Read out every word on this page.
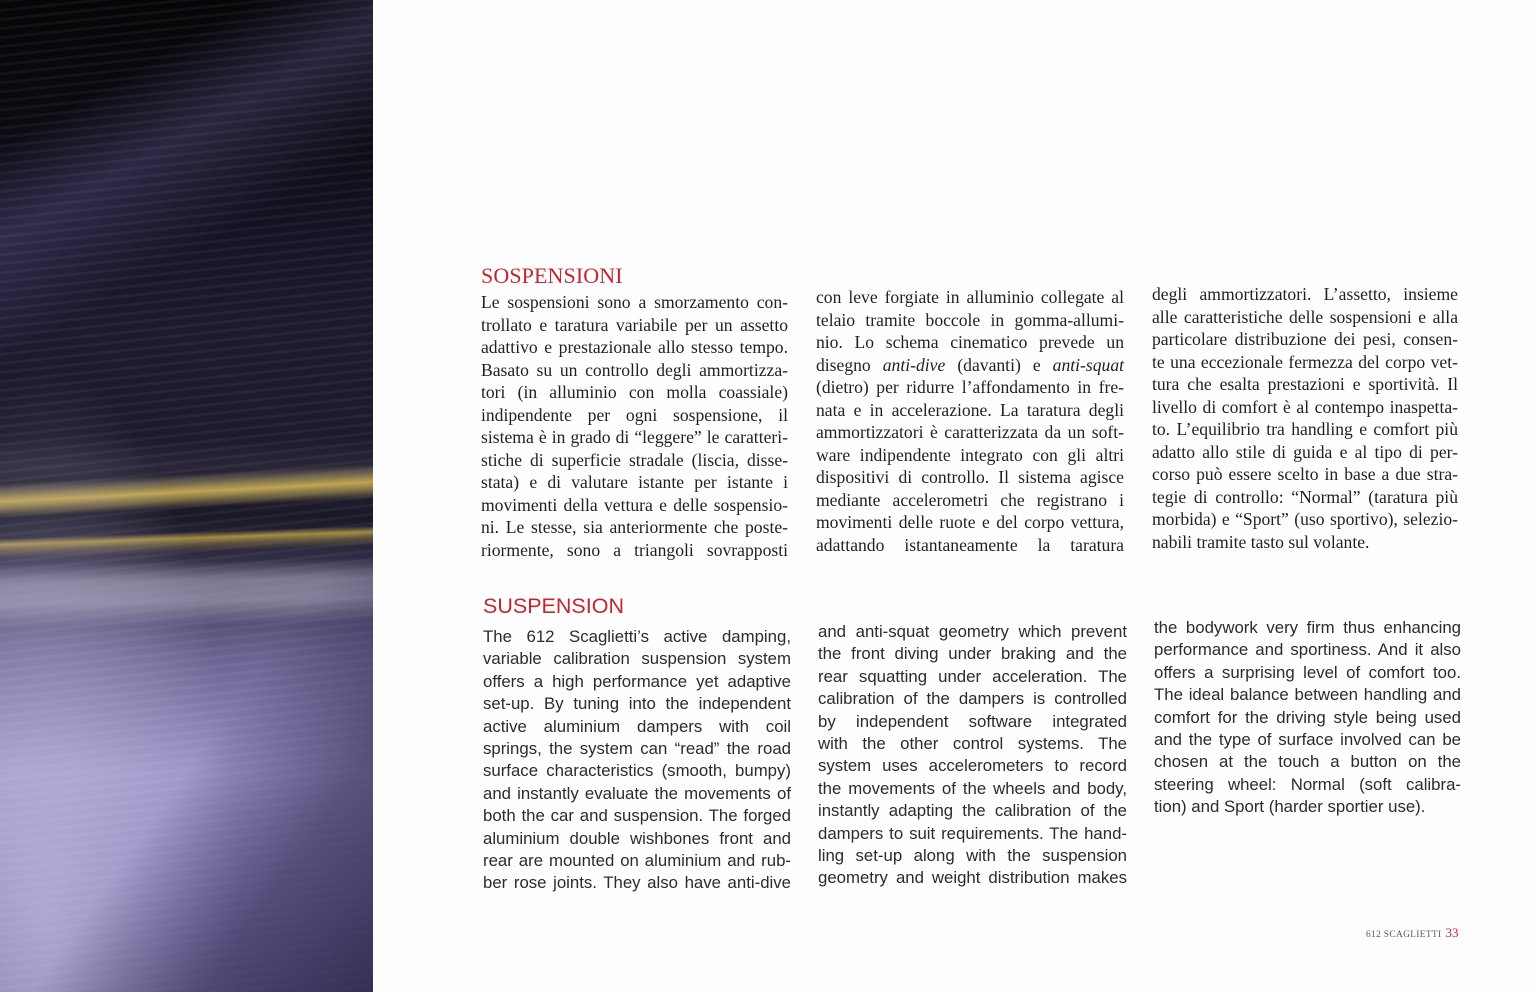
SOSPENSIONI
Le sospensioni sono a smorzamento con-
trollato e taratura variabile per un assetto
adattivo e prestazionale allo stesso tempo.
Basato su un controllo degli ammortizza-
tori (in alluminio con molla coassiale)
indipendente per ogni sospensione, il
sistema è in grado di “leggere” le caratteri-
stiche di superficie stradale (liscia, disse-
stata) e di valutare istante per istante i
movimenti della vettura e delle sospensio-
ni. Le stesse, sia anteriormente che poste-
riormente, sono a triangoli sovrapposti
con leve forgiate in alluminio collegate al
telaio tramite boccole in gomma-allumi-
nio. Lo schema cinematico prevede un
disegno anti-dive (davanti) e anti-squat
(dietro) per ridurre l’affondamento in fre-
nata e in accelerazione. La taratura degli
ammortizzatori è caratterizzata da un soft-
ware indipendente integrato con gli altri
dispositivi di controllo. Il sistema agisce
mediante accelerometri che registrano i
movimenti delle ruote e del corpo vettura,
adattando istantaneamente la taratura
degli ammortizzatori. L’assetto, insieme
alle caratteristiche delle sospensioni e alla
particolare distribuzione dei pesi, consen-
te una eccezionale fermezza del corpo vet-
tura che esalta prestazioni e sportività. Il
livello di comfort è al contempo inaspetta-
to. L’equilibrio tra handling e comfort più
adatto allo stile di guida e al tipo di per-
corso può essere scelto in base a due stra-
tegie di controllo: “Normal” (taratura più
morbida) e “Sport” (uso sportivo), selezio-
nabili tramite tasto sul volante.
SUSPENSION
The 612 Scaglietti’s active damping,
variable calibration suspension system
offers a high performance yet adaptive
set-up. By tuning into the independent
active aluminium dampers with coil
springs, the system can “read” the road
surface characteristics (smooth, bumpy)
and instantly evaluate the movements of
both the car and suspension. The forged
aluminium double wishbones front and
rear are mounted on aluminium and rub-
ber rose joints. They also have anti-dive
and anti-squat geometry which prevent
the front diving under braking and the
rear squatting under acceleration. The
calibration of the dampers is controlled
by independent software integrated
with the other control systems. The
system uses accelerometers to record
the movements of the wheels and body,
instantly adapting the calibration of the
dampers to suit requirements. The hand-
ling set-up along with the suspension
geometry and weight distribution makes
the bodywork very firm thus enhancing
performance and sportiness. And it also
offers a surprising level of comfort too.
The ideal balance between handling and
comfort for the driving style being used
and the type of surface involved can be
chosen at the touch a button on the
steering wheel: Normal (soft calibra-
tion) and Sport (harder sportier use).
612 SCAGLIETTI 33
